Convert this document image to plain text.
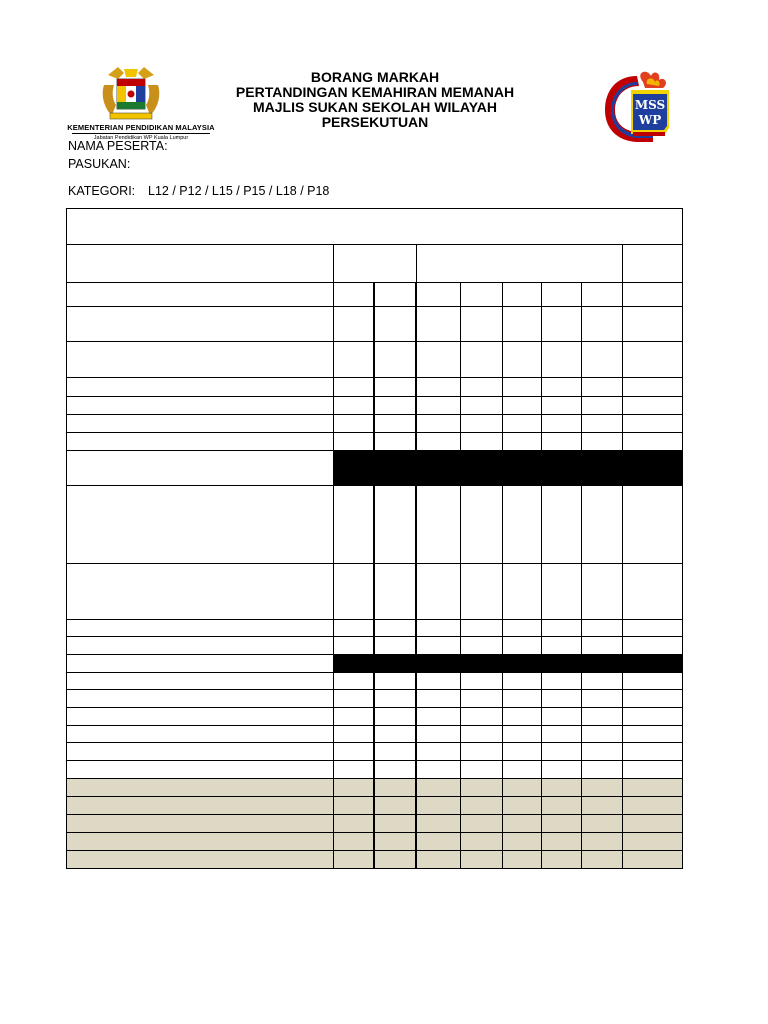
KEMENTERIAN PENDIDIKAN MALAYSIA
Jabatan Pendidikan WP Kuala Lumpur
BORANG MARKAH
PERTANDINGAN KEMAHIRAN MEMANAH
MAJLIS SUKAN SEKOLAH WILAYAH PERSEKUTUAN
MSS
WP
NAMA PESERTA:
PASUKAN:
KATEGORI: L12 / P12 / L15 / P15 / L18 / P18
